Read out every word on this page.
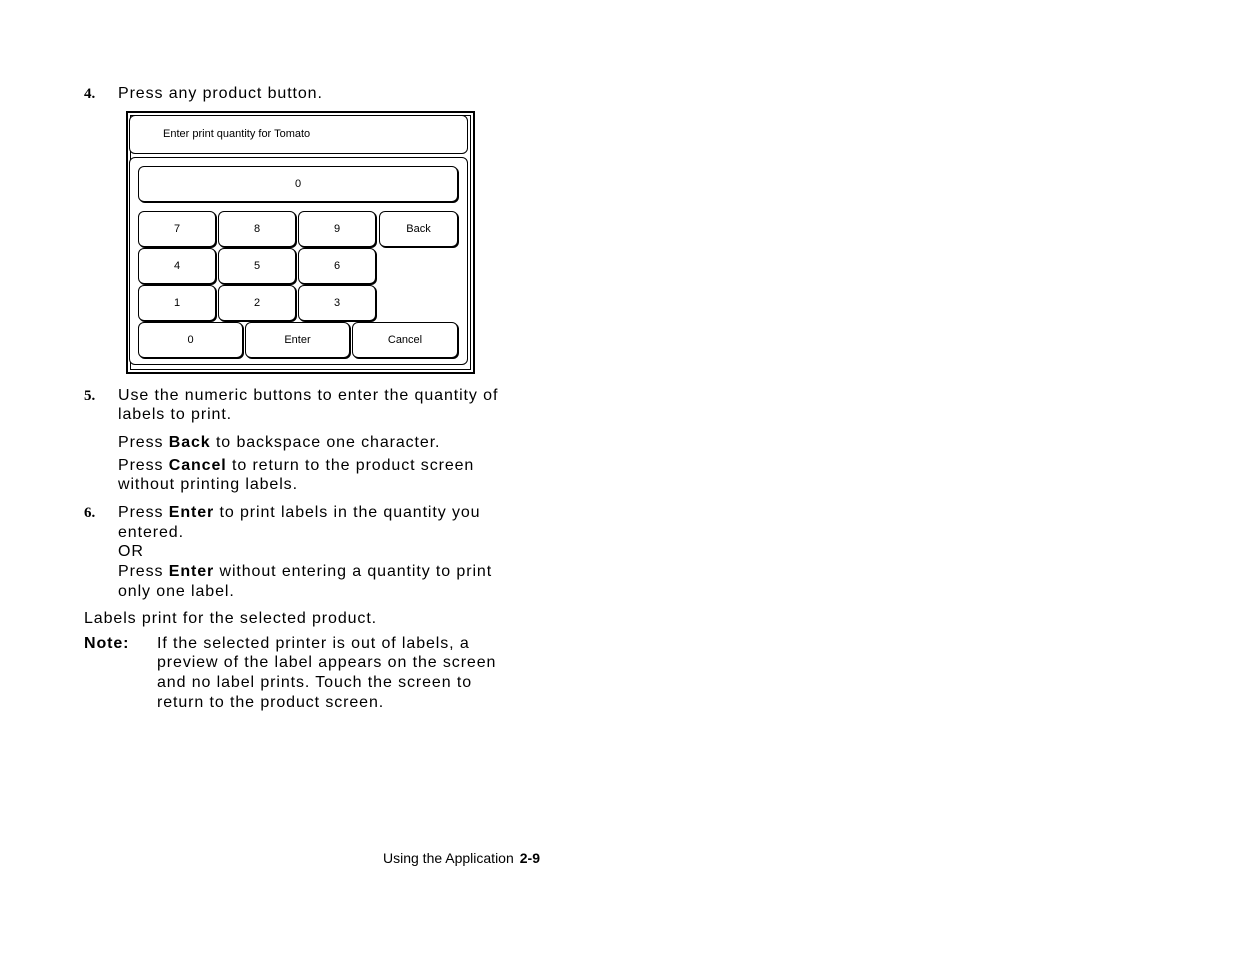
4. Press any product button.
Enter print quantity for Tomato
0
7	8	9	Back
4	5	6
1	2	3
0	Enter	Cancel
5. Use the numeric buttons to enter the quantity of
labels to print.
Press Back to backspace one character.
Press Cancel to return to the product screen
without printing labels.
6. Press Enter to print labels in the quantity you
entered.
OR
Press Enter without entering a quantity to print
only one label.
Labels print for the selected product.
Note: If the selected printer is out of labels, a
preview of the label appears on the screen
and no label prints. Touch the screen to
return to the product screen.
Using the Application 2-9
